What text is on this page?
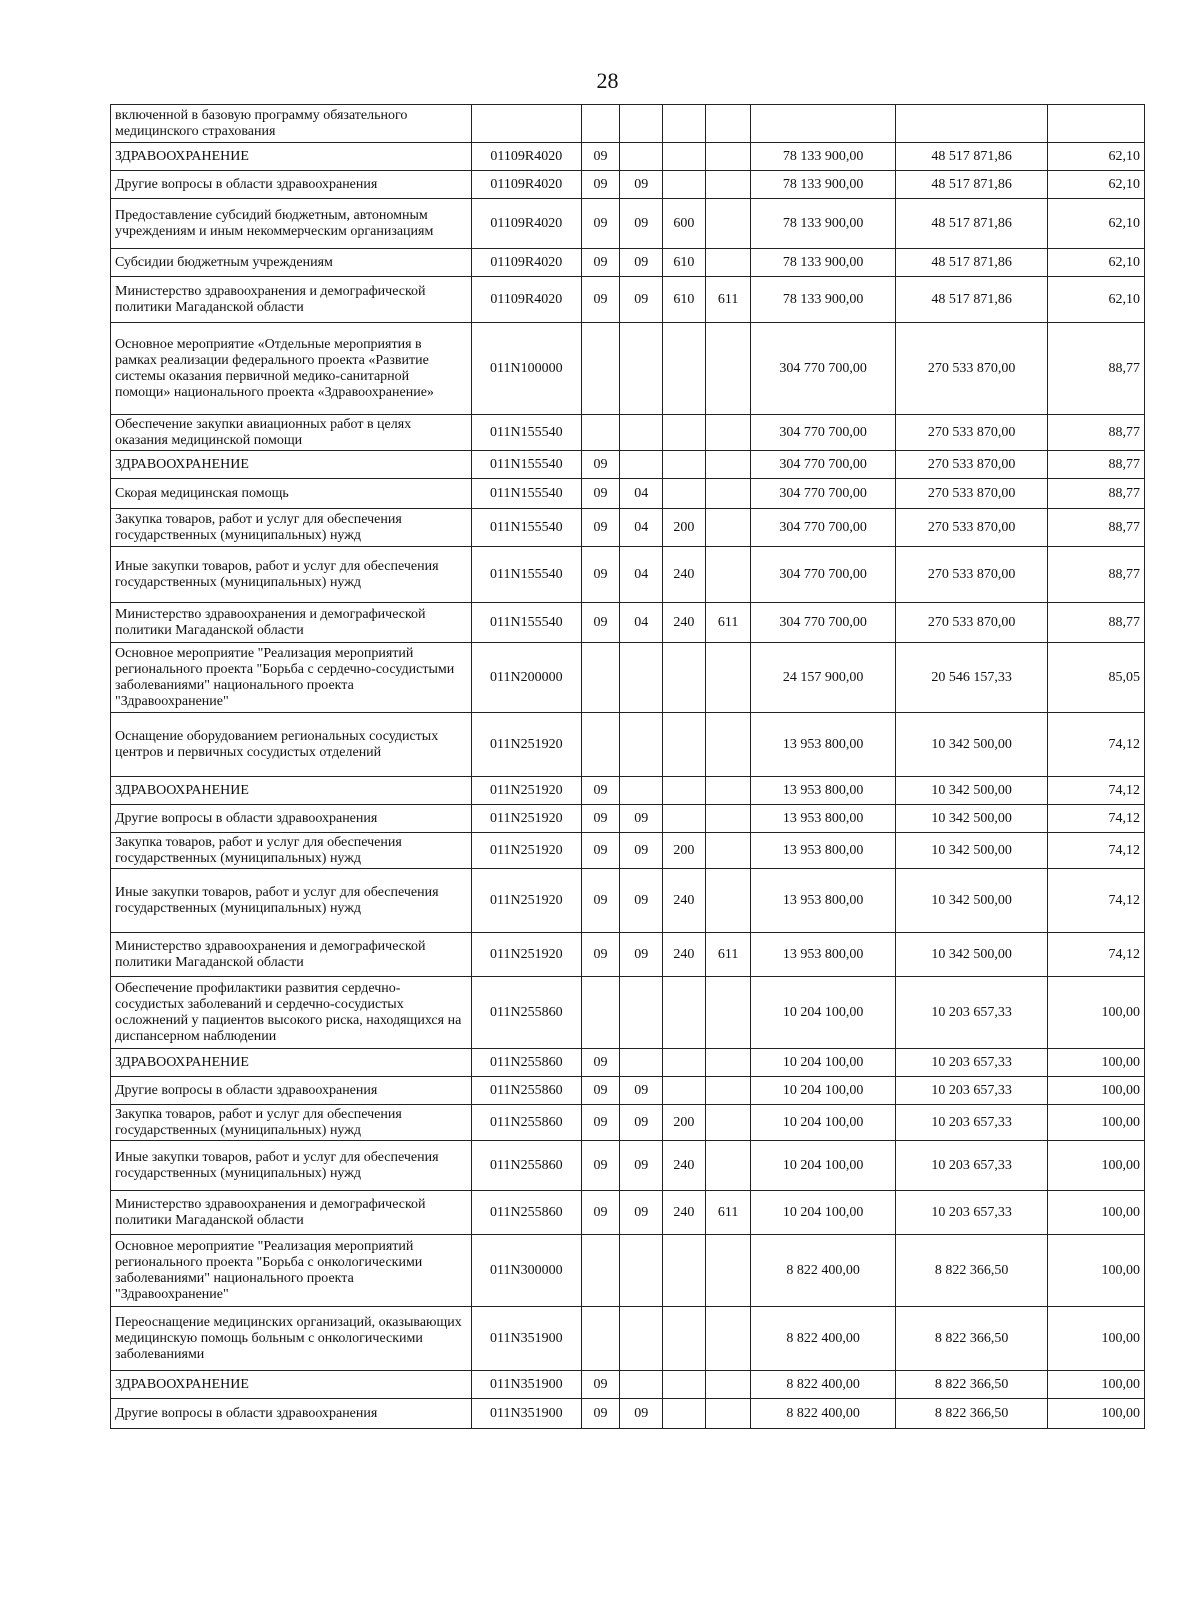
28
включенной в базовую программу обязательного медицинского страхования								
ЗДРАВООХРАНЕНИЕ	01109R4020	09				78 133 900,00	48 517 871,86	62,10
Другие вопросы в области здравоохранения	01109R4020	09	09			78 133 900,00	48 517 871,86	62,10
Предоставление субсидий бюджетным, автономным учреждениям и иным некоммерческим организациям	01109R4020	09	09	600		78 133 900,00	48 517 871,86	62,10
Субсидии бюджетным учреждениям	01109R4020	09	09	610		78 133 900,00	48 517 871,86	62,10
Министерство здравоохранения и демографической политики Магаданской области	01109R4020	09	09	610	611	78 133 900,00	48 517 871,86	62,10
Основное мероприятие «Отдельные мероприятия в рамках реализации федерального проекта «Развитие системы оказания первичной медико-санитарной помощи» национального проекта «Здравоохранение»	011N100000					304 770 700,00	270 533 870,00	88,77
Обеспечение закупки авиационных работ в целях оказания медицинской помощи	011N155540					304 770 700,00	270 533 870,00	88,77
ЗДРАВООХРАНЕНИЕ	011N155540	09				304 770 700,00	270 533 870,00	88,77
Скорая медицинская помощь	011N155540	09	04			304 770 700,00	270 533 870,00	88,77
Закупка товаров, работ и услуг для обеспечения государственных (муниципальных) нужд	011N155540	09	04	200		304 770 700,00	270 533 870,00	88,77
Иные закупки товаров, работ и услуг для обеспечения государственных (муниципальных) нужд	011N155540	09	04	240		304 770 700,00	270 533 870,00	88,77
Министерство здравоохранения и демографической политики Магаданской области	011N155540	09	04	240	611	304 770 700,00	270 533 870,00	88,77
Основное мероприятие "Реализация мероприятий регионального проекта "Борьба с сердечно-сосудистыми заболеваниями" национального проекта "Здравоохранение"	011N200000					24 157 900,00	20 546 157,33	85,05
Оснащение оборудованием региональных сосудистых центров и первичных сосудистых отделений	011N251920					13 953 800,00	10 342 500,00	74,12
ЗДРАВООХРАНЕНИЕ	011N251920	09				13 953 800,00	10 342 500,00	74,12
Другие вопросы в области здравоохранения	011N251920	09	09			13 953 800,00	10 342 500,00	74,12
Закупка товаров, работ и услуг для обеспечения государственных (муниципальных) нужд	011N251920	09	09	200		13 953 800,00	10 342 500,00	74,12
Иные закупки товаров, работ и услуг для обеспечения государственных (муниципальных) нужд	011N251920	09	09	240		13 953 800,00	10 342 500,00	74,12
Министерство здравоохранения и демографической политики Магаданской области	011N251920	09	09	240	611	13 953 800,00	10 342 500,00	74,12
Обеспечение профилактики развития сердечно-сосудистых заболеваний и сердечно-сосудистых осложнений у пациентов высокого риска, находящихся на диспансерном наблюдении	011N255860					10 204 100,00	10 203 657,33	100,00
ЗДРАВООХРАНЕНИЕ	011N255860	09				10 204 100,00	10 203 657,33	100,00
Другие вопросы в области здравоохранения	011N255860	09	09			10 204 100,00	10 203 657,33	100,00
Закупка товаров, работ и услуг для обеспечения государственных (муниципальных) нужд	011N255860	09	09	200		10 204 100,00	10 203 657,33	100,00
Иные закупки товаров, работ и услуг для обеспечения государственных (муниципальных) нужд	011N255860	09	09	240		10 204 100,00	10 203 657,33	100,00
Министерство здравоохранения и демографической политики Магаданской области	011N255860	09	09	240	611	10 204 100,00	10 203 657,33	100,00
Основное мероприятие "Реализация мероприятий регионального проекта "Борьба с онкологическими заболеваниями" национального проекта "Здравоохранение"	011N300000					8 822 400,00	8 822 366,50	100,00
Переоснащение медицинских организаций, оказывающих медицинскую помощь больным с онкологическими заболеваниями	011N351900					8 822 400,00	8 822 366,50	100,00
ЗДРАВООХРАНЕНИЕ	011N351900	09				8 822 400,00	8 822 366,50	100,00
Другие вопросы в области здравоохранения	011N351900	09	09			8 822 400,00	8 822 366,50	100,00
